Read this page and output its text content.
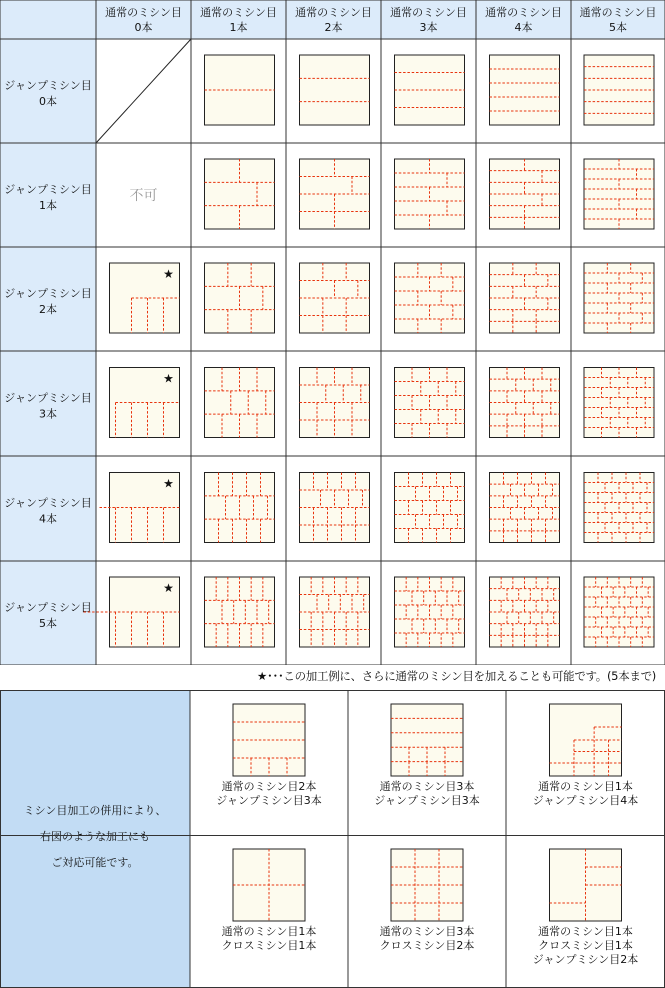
通常のミシン目
0本
通常のミシン目
1本
通常のミシン目
2本
通常のミシン目
3本
通常のミシン目
4本
通常のミシン目
5本
ジャンプミシン目
0本
ジャンプミシン目
1本
ジャンプミシン目
2本
ジャンプミシン目
3本
ジャンプミシン目
4本
ジャンプミシン目
5本
不可
★
★
★
★
★･･･この加工例に、さらに通常のミシン目を加えることも可能です。(5本まで)
ミシン目加工の併用により、
右図のような加工にも
ご対応可能です。
通常のミシン目2本
ジャンプミシン目3本
通常のミシン目3本
ジャンプミシン目3本
通常のミシン目1本
ジャンプミシン目4本
通常のミシン目1本
クロスミシン目1本
通常のミシン目3本
クロスミシン目2本
通常のミシン目1本
クロスミシン目1本
ジャンプミシン目2本
